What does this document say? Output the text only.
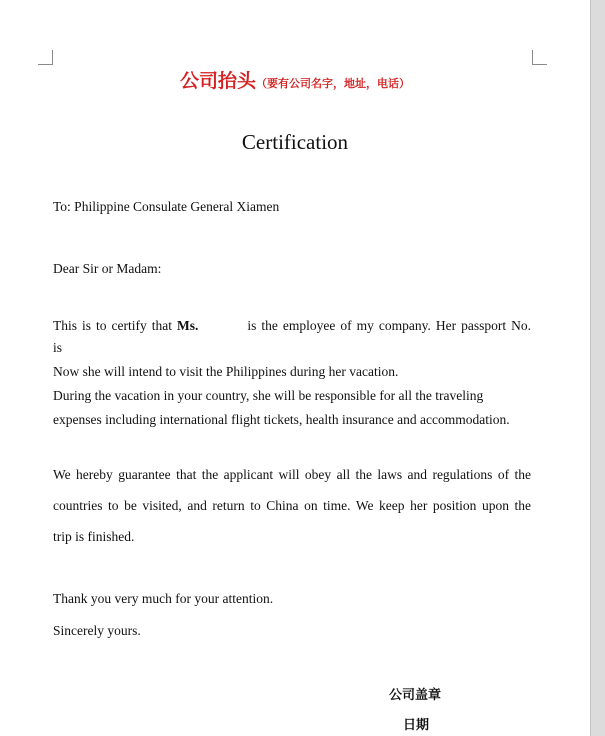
公司抬头（要有公司名字，地址，电话）
Certification
To: Philippine Consulate General Xiamen
Dear Sir or Madam:
This is to certify that Ms.	is the employee of my company. Her passport No.
is
Now she will intend to visit the Philippines during her vacation.
During the vacation in your country, she will be responsible for all the traveling
expenses including international flight tickets, health insurance and accommodation.
We hereby guarantee that the applicant will obey all the laws and regulations of the
countries to be visited, and return to China on time. We keep her position upon the
trip is finished.
Thank you very much for your attention.
Sincerely yours.
公司盖章
日期
